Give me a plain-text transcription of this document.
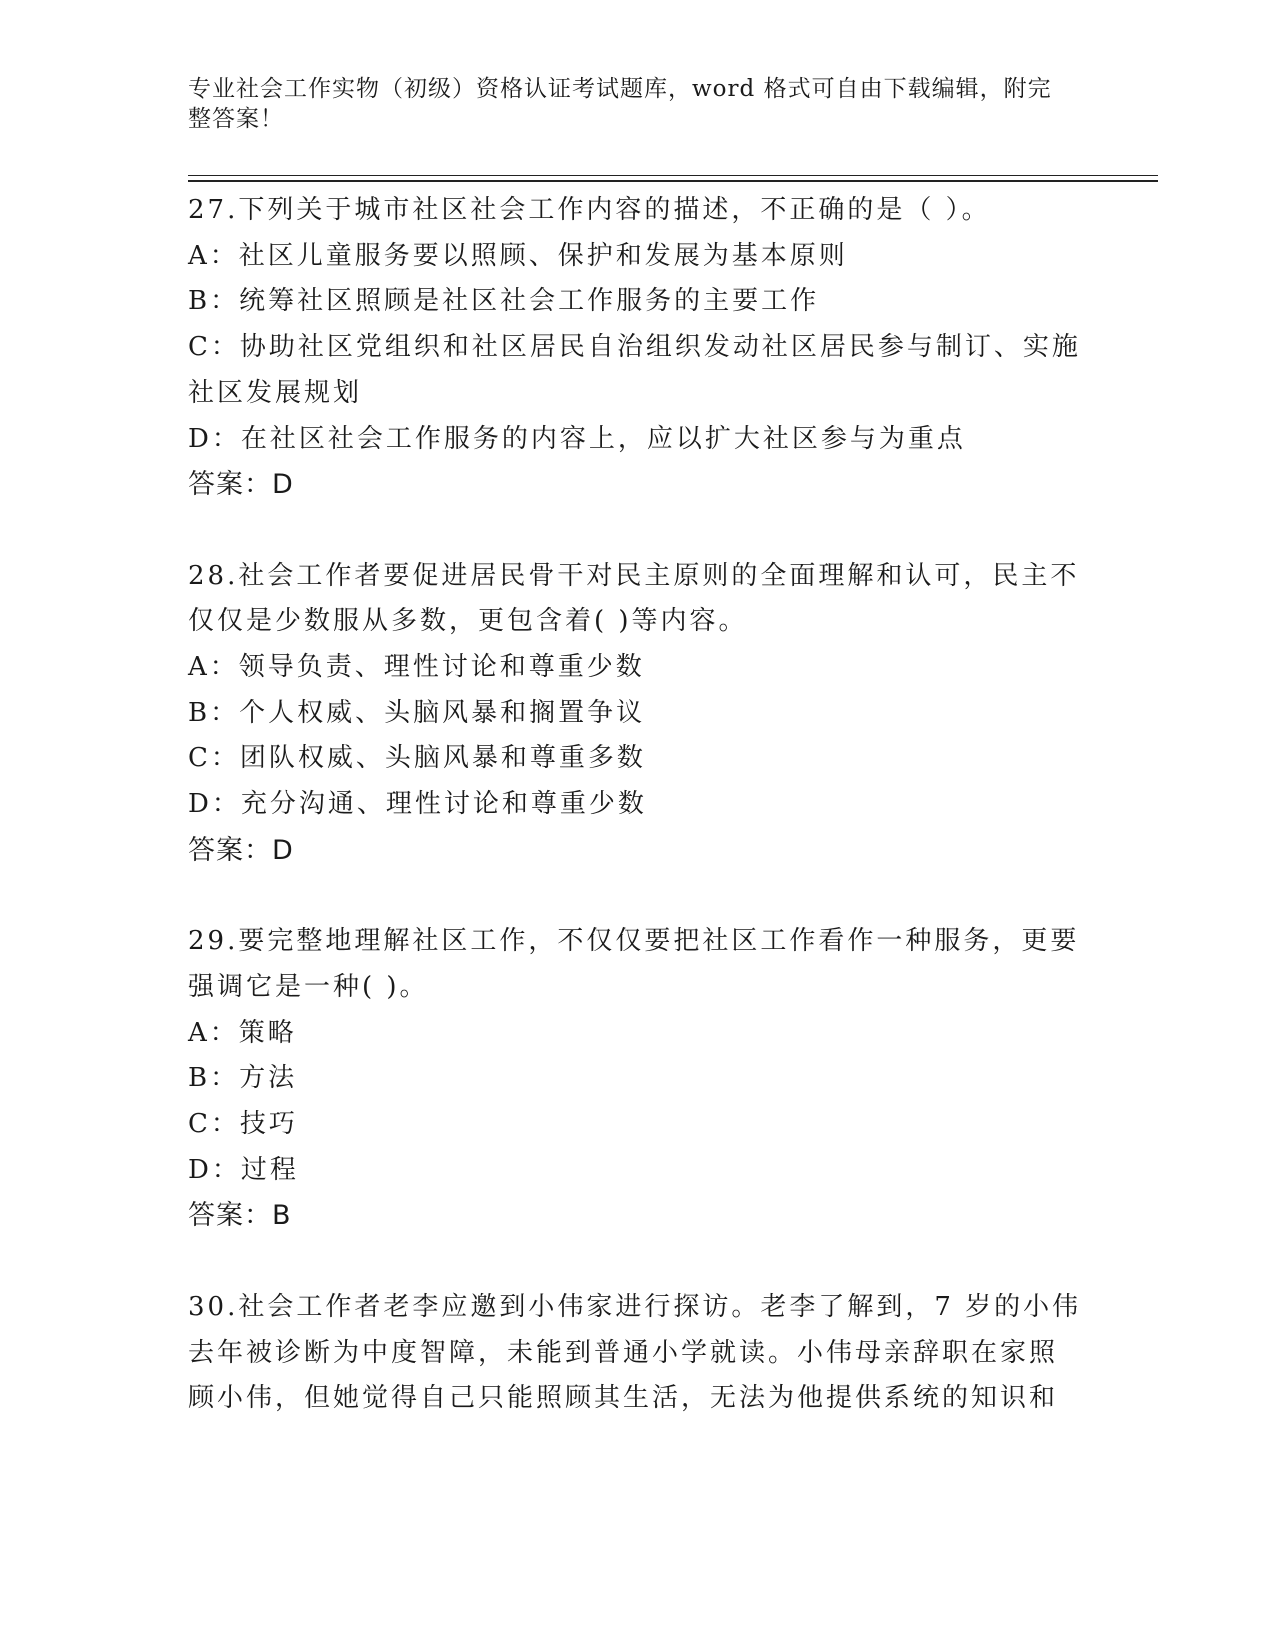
专业社会工作实物（初级）资格认证考试题库，word 格式可自由下载编辑，附完
整答案！
27.下列关于城市社区社会工作内容的描述，不正确的是（ ）。
A：社区儿童服务要以照顾、保护和发展为基本原则
B：统筹社区照顾是社区社会工作服务的主要工作
C：协助社区党组织和社区居民自治组织发动社区居民参与制订、实施
社区发展规划
D：在社区社会工作服务的内容上，应以扩大社区参与为重点
答案：D
28.社会工作者要促进居民骨干对民主原则的全面理解和认可，民主不
仅仅是少数服从多数，更包含着( )等内容。
A：领导负责、理性讨论和尊重少数
B：个人权威、头脑风暴和搁置争议
C：团队权威、头脑风暴和尊重多数
D：充分沟通、理性讨论和尊重少数
答案：D
29.要完整地理解社区工作，不仅仅要把社区工作看作一种服务，更要
强调它是一种( )。
A：策略
B：方法
C：技巧
D：过程
答案：B
30.社会工作者老李应邀到小伟家进行探访。老李了解到，7 岁的小伟
去年被诊断为中度智障，未能到普通小学就读。小伟母亲辞职在家照
顾小伟，但她觉得自己只能照顾其生活，无法为他提供系统的知识和
